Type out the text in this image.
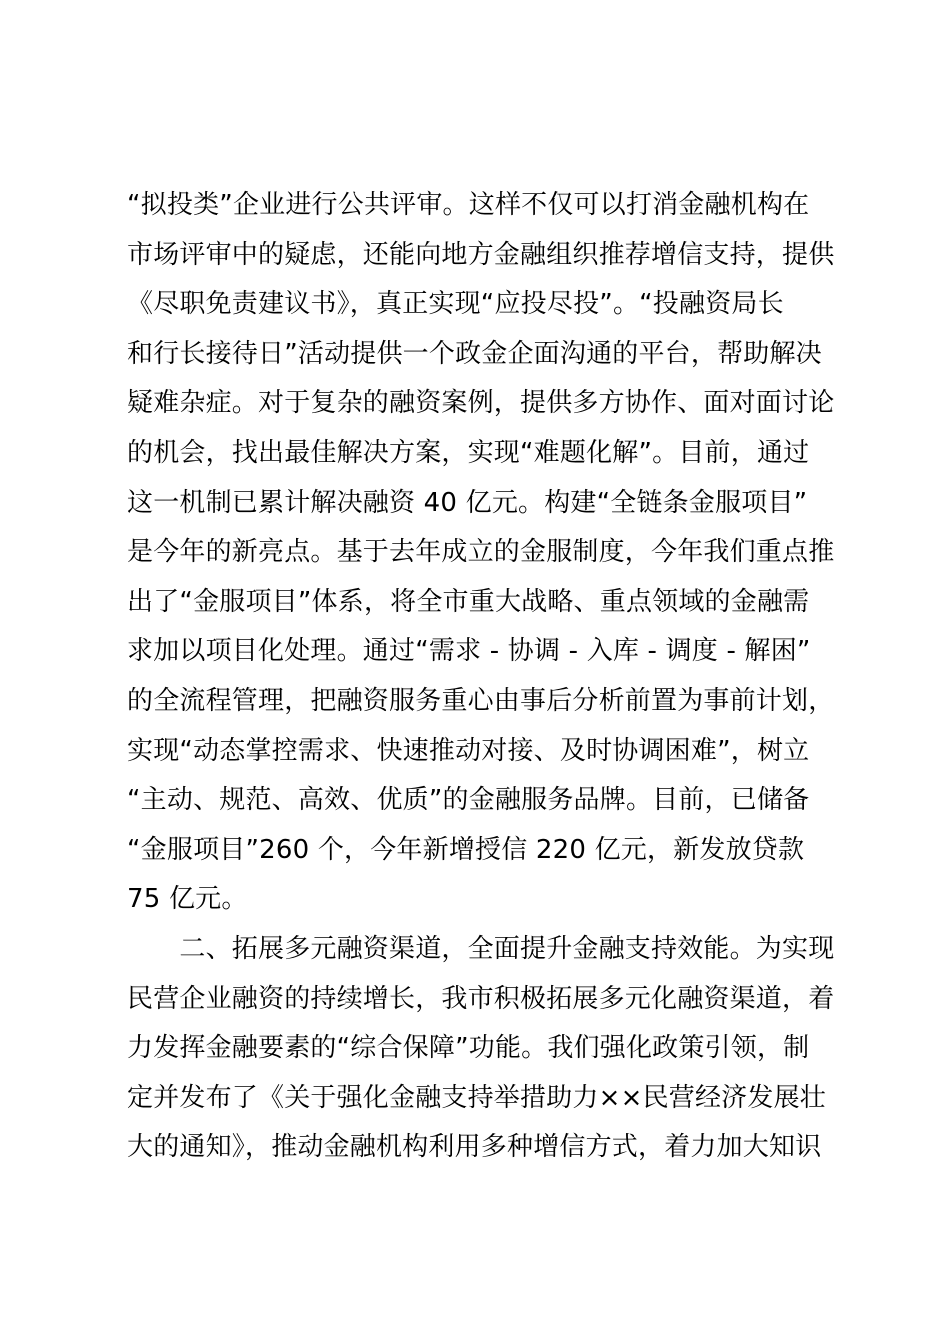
“拟投类”企业进行公共评审。这样不仅可以打消金融机构在
市场评审中的疑虑，还能向地方金融组织推荐增信支持，提供
《尽职免责建议书》，真正实现“应投尽投”。“投融资局长
和行长接待日”活动提供一个政金企面沟通的平台，帮助解决
疑难杂症。对于复杂的融资案例，提供多方协作、面对面讨论
的机会，找出最佳解决方案，实现“难题化解”。目前，通过
这一机制已累计解决融资 40 亿元。构建“全链条金服项目”
是今年的新亮点。基于去年成立的金服制度，今年我们重点推
出了“金服项目”体系，将全市重大战略、重点领域的金融需
求加以项目化处理。通过“需求 - 协调 - 入库 - 调度 - 解困”
的全流程管理，把融资服务重心由事后分析前置为事前计划，
实现“动态掌控需求、快速推动对接、及时协调困难”，树立
“主动、规范、高效、优质”的金融服务品牌。目前，已储备
“金服项目”260 个，今年新增授信 220 亿元，新发放贷款
75 亿元。
　　二、拓展多元融资渠道，全面提升金融支持效能。为实现
民营企业融资的持续增长，我市积极拓展多元化融资渠道，着
力发挥金融要素的“综合保障”功能。我们强化政策引领，制
定并发布了《关于强化金融支持举措助力××民营经济发展壮
大的通知》，推动金融机构利用多种增信方式，着力加大知识
